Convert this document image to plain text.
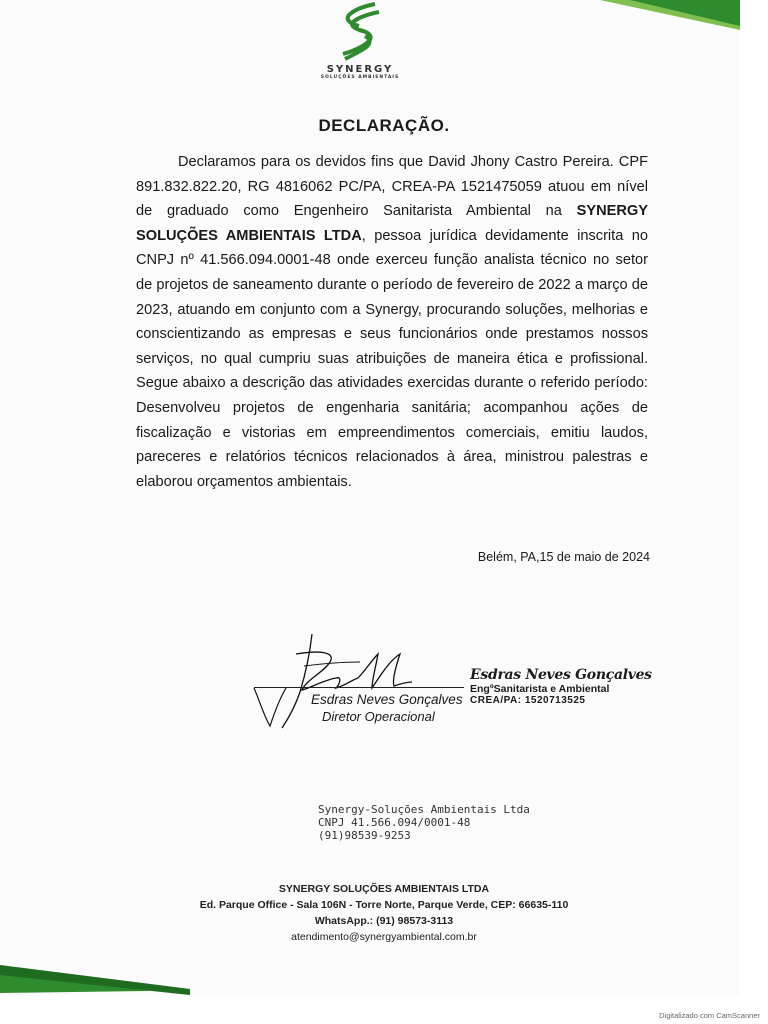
SYNERGY
SOLUÇÕES AMBIENTAIS
DECLARAÇÃO.

Declaramos para os devidos fins que David Jhony Castro Pereira. CPF 891.832.822.20, RG 4816062 PC/PA, CREA-PA 1521475059 atuou em nível de graduado como Engenheiro Sanitarista Ambiental na SYNERGY SOLUÇÕES AMBIENTAIS LTDA, pessoa jurídica devidamente inscrita no CNPJ nº 41.566.094.0001-48 onde exerceu função analista técnico no setor de projetos de saneamento durante o período de fevereiro de 2022 a março de 2023, atuando em conjunto com a Synergy, procurando soluções, melhorias e conscientizando as empresas e seus funcionários onde prestamos nossos serviços, no qual cumpriu suas atribuições de maneira ética e profissional. Segue abaixo a descrição das atividades exercidas durante o referido período: Desenvolveu projetos de engenharia sanitária; acompanhou ações de fiscalização e vistorias em empreendimentos comerciais, emitiu laudos, pareceres e relatórios técnicos relacionados à área, ministrou palestras e elaborou orçamentos ambientais.

Belém, PA,15 de maio de 2024
Esdras Neves Gonçalves
Diretor Operacional
Esdras Neves Gonçalves
EngºSanitarista e Ambiental
CREA/PA: 1520713525
Synergy-Soluções Ambientais Ltda
CNPJ 41.566.094/0001-48
(91)98539-9253
SYNERGY SOLUÇÕES AMBIENTAIS LTDA
Ed. Parque Office - Sala 106N - Torre Norte, Parque Verde, CEP: 66635-110
WhatsApp.: (91) 98573-3113
atendimento@synergyambiental.com.br
Digitalizado com CamScanner
